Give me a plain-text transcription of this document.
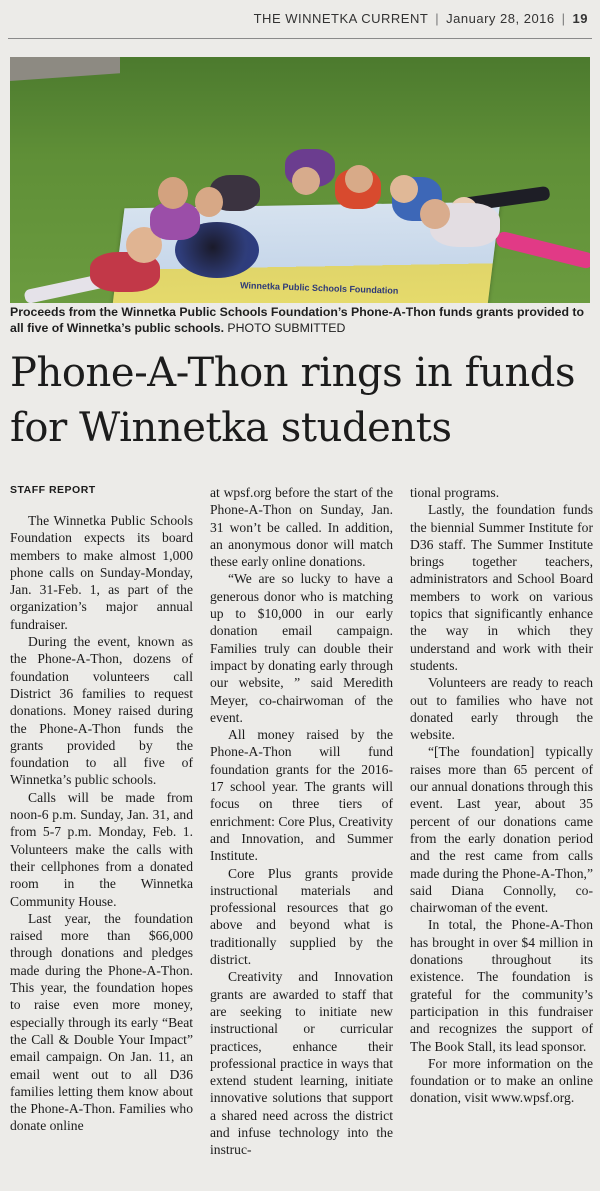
THE WINNETKA CURRENT | January 28, 2016 | 19
Winnetka Public Schools Foundation
Proceeds from the Winnetka Public Schools Foundation’s Phone-A-Thon funds grants provided to all five of Winnetka’s public schools. PHOTO SUBMITTED
Phone-A-Thon rings in funds for Winnetka students
STAFF REPORT

The Winnetka Public Schools Foundation expects its board members to make almost 1,000 phone calls on Sunday-Monday, Jan. 31-Feb. 1, as part of the organization’s major annual fundraiser.

During the event, known as the Phone-A-Thon, dozens of foundation volunteers call District 36 families to request donations. Money raised during the Phone-A-Thon funds the grants provided by the foundation to all five of Winnetka’s public schools.

Calls will be made from noon-6 p.m. Sunday, Jan. 31, and from 5-7 p.m. Monday, Feb. 1. Volunteers make the calls with their cellphones from a donated room in the Winnetka Community House.

Last year, the foundation raised more than $66,000 through donations and pledges made during the Phone-A-Thon. This year, the foundation hopes to raise even more money, especially through its early “Beat the Call & Double Your Impact” email campaign. On Jan. 11, an email went out to all D36 families letting them know about the Phone-A-Thon. Families who donate online

at wpsf.org before the start of the Phone-A-Thon on Sunday, Jan. 31 won’t be called. In addition, an anonymous donor will match these early online donations.

“We are so lucky to have a generous donor who is matching up to $10,000 in our early donation email campaign. Families truly can double their impact by donating early through our website, ” said Meredith Meyer, co-chairwoman of the event.

All money raised by the Phone-A-Thon will fund foundation grants for the 2016-17 school year. The grants will focus on three tiers of enrichment: Core Plus, Creativity and Innovation, and Summer Institute.

Core Plus grants provide instructional materials and professional resources that go above and beyond what is traditionally supplied by the district.

Creativity and Innovation grants are awarded to staff that are seeking to initiate new instructional or curricular practices, enhance their professional practice in ways that extend student learning, initiate innovative solutions that support a shared need across the district and infuse technology into the instruc-

tional programs.

Lastly, the foundation funds the biennial Summer Institute for D36 staff. The Summer Institute brings together teachers, administrators and School Board members to work on various topics that significantly enhance the way in which they understand and work with their students.

Volunteers are ready to reach out to families who have not donated early through the website.

“[The foundation] typically raises more than 65 percent of our annual donations through this event. Last year, about 35 percent of our donations came from the early donation period and the rest came from calls made during the Phone-A-Thon,” said Diana Connolly, co-chairwoman of the event.

In total, the Phone-A-Thon has brought in over $4 million in donations throughout its existence. The foundation is grateful for the community’s participation in this fundraiser and recognizes the support of The Book Stall, its lead sponsor.

For more information on the foundation or to make an online donation, visit www.wpsf.org.
